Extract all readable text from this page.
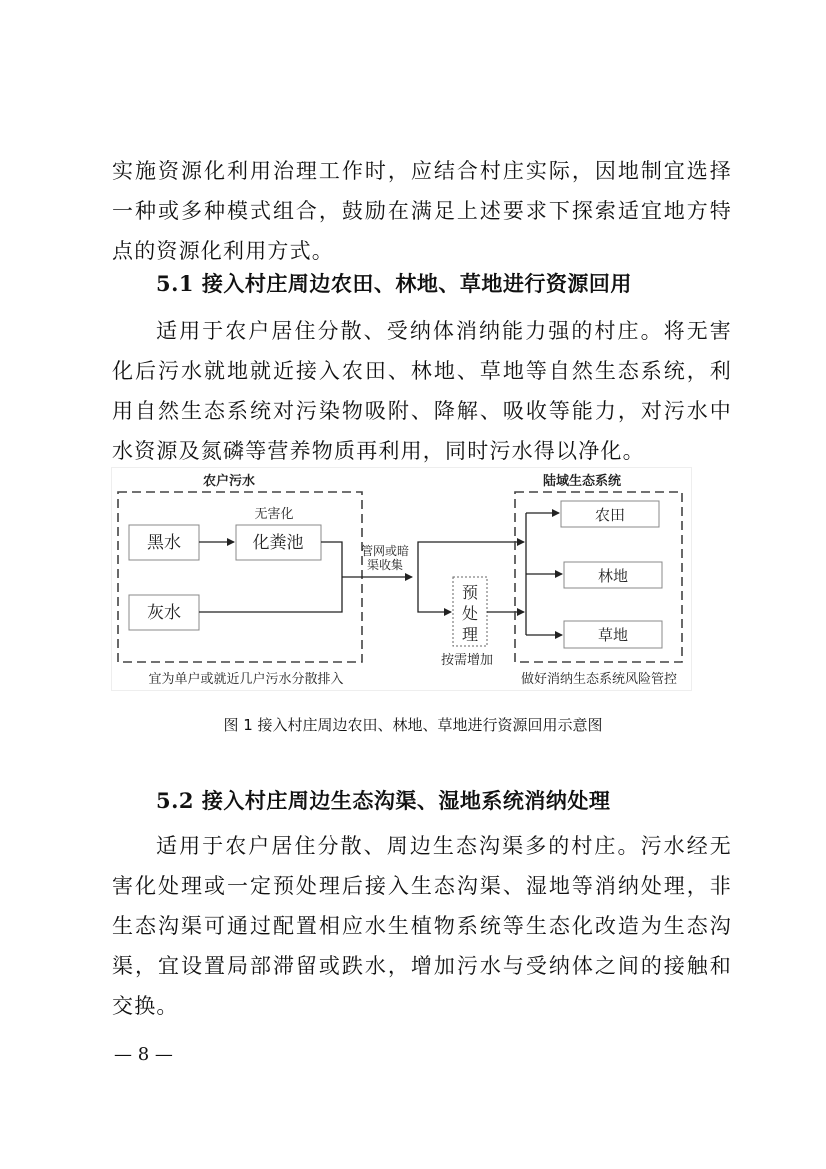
实施资源化利用治理工作时，应结合村庄实际，因地制宜选择一种或多种模式组合，鼓励在满足上述要求下探索适宜地方特点的资源化利用方式。

5.1 接入村庄周边农田、林地、草地进行资源回用

适用于农户居住分散、受纳体消纳能力强的村庄。将无害化后污水就地就近接入农田、林地、草地等自然生态系统，利用自然生态系统对污染物吸附、降解、吸收等能力，对污水中水资源及氮磷等营养物质再利用，同时污水得以净化。

农户污水
宜为单户或就近几户污水分散排入
黑水
无害化
化粪池
灰水
管网或暗
渠收集
预
处
理
按需增加
陆域生态系统
做好消纳生态系统风险管控
农田
林地
草地
图 1 接入村庄周边农田、林地、草地进行资源回用示意图
5.2 接入村庄周边生态沟渠、湿地系统消纳处理

适用于农户居住分散、周边生态沟渠多的村庄。污水经无害化处理或一定预处理后接入生态沟渠、湿地等消纳处理，非生态沟渠可通过配置相应水生植物系统等生态化改造为生态沟渠，宜设置局部滞留或跌水，增加污水与受纳体之间的接触和交换。

— 8 —
